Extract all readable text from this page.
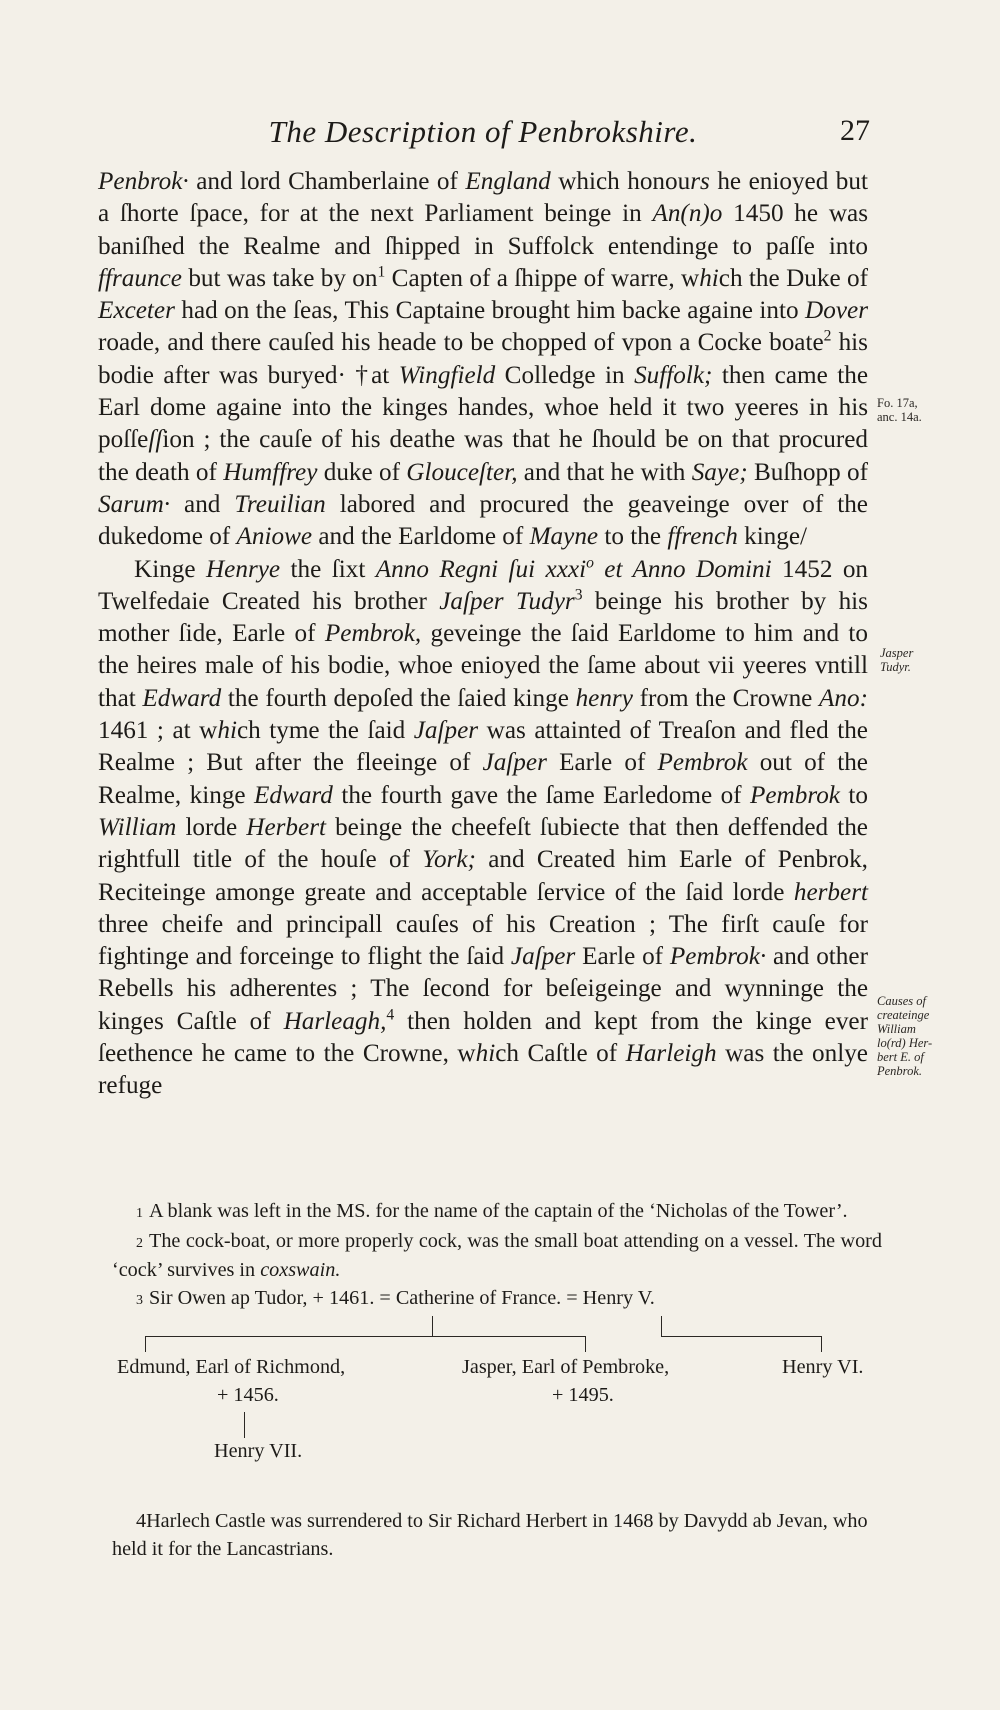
The Description of Penbrokshire.	27

Penbrok· and lord Chamberlaine of England which honours he enioyed but a ſhorte ſpace, for at the next Parliament beinge in An(n)o 1450 he was baniſhed the Realme and ſhipped in Suffolck entendinge to paſſe into ffraunce but was take by $on^1$ Capten of a ſhippe of warre, which the Duke of Exceter had on the ſeas, This Captaine brought him backe againe into Dover roade, and there cauſed his heade to be chopped of vpon a Cocke boate$^2$ his bodie after was buryed· †at Wingfield Colledge in Suffolk; then came the Earl dome againe into the kinges handes, whoe held it two yeeres in his poſſeſſion ; the cauſe of his deathe was that he ſhould be on that procured the death of Humffrey duke of Glouceſter, and that he with Saye; Buſhopp of Sarum· and Treuilian labored and procured the geaveinge over of the dukedome of Aniowe and the Earldome of Mayne to the ffrench kinge/

Kinge Henrye the ſixt Anno Regni ſui xxxi$^o$ et Anno Domini 1452 on Twelfedaie Created his brother Jaſper Tudyr$^3$ beinge his brother by his mother ſide, Earle of Pembrok, geveinge the ſaid Earldome to him and to the heires male of his bodie, whoe enioyed the ſame about vii yeeres vntill that Edward the fourth depoſed the ſaied kinge henry from the Crowne Ano: 1461 ; at which tyme the ſaid Jaſper was attainted of Treaſon and fled the Realme ; But after the fleeinge of Jaſper Earle of Pembrok out of the Realme, kinge Edward the fourth gave the ſame Earledome of Pembrok to William lorde Herbert beinge the cheefeſt ſubiecte that then deffended the rightfull title of the houſe of York; and Created him Earle of Penbrok, Reciteinge amonge greate and acceptable ſervice of the ſaid lorde herbert three cheife and principall cauſes of his Creation ; The firſt cauſe for fightinge and forceinge to flight the ſaid Jaſper Earle of Pembrok· and other Rebells his adherentes ; The ſecond for beſeigeinge and wynninge the kinges Caſtle of Harleagh,$^4$ then holden and kept from the kinge ever ſeethence he came to the Crowne, which Caſtle of Harleigh was the onlye refuge

Fo. 17a,
anc. 14a.
Jasper
Tudyr.
Causes of
createinge
William
lo(rd) Her-
bert E. of
Penbrok.

1 A blank was left in the MS. for the name of the captain of the ‘Nicholas of the Tower’.

2 The cock-boat, or more properly cock, was the small boat attending on a vessel. The word ‘cock’ survives in coxswain.

3 Sir Owen ap Tudor, + 1461. = Catherine of France. = Henry V.

Edmund, Earl of Richmond,
+ 1456.
Jasper, Earl of Pembroke,
+ 1495.
Henry VI.
Henry VII.

4Harlech Castle was surrendered to Sir Richard Herbert in 1468 by Davydd ab Jevan, who held it for the Lancastrians.
